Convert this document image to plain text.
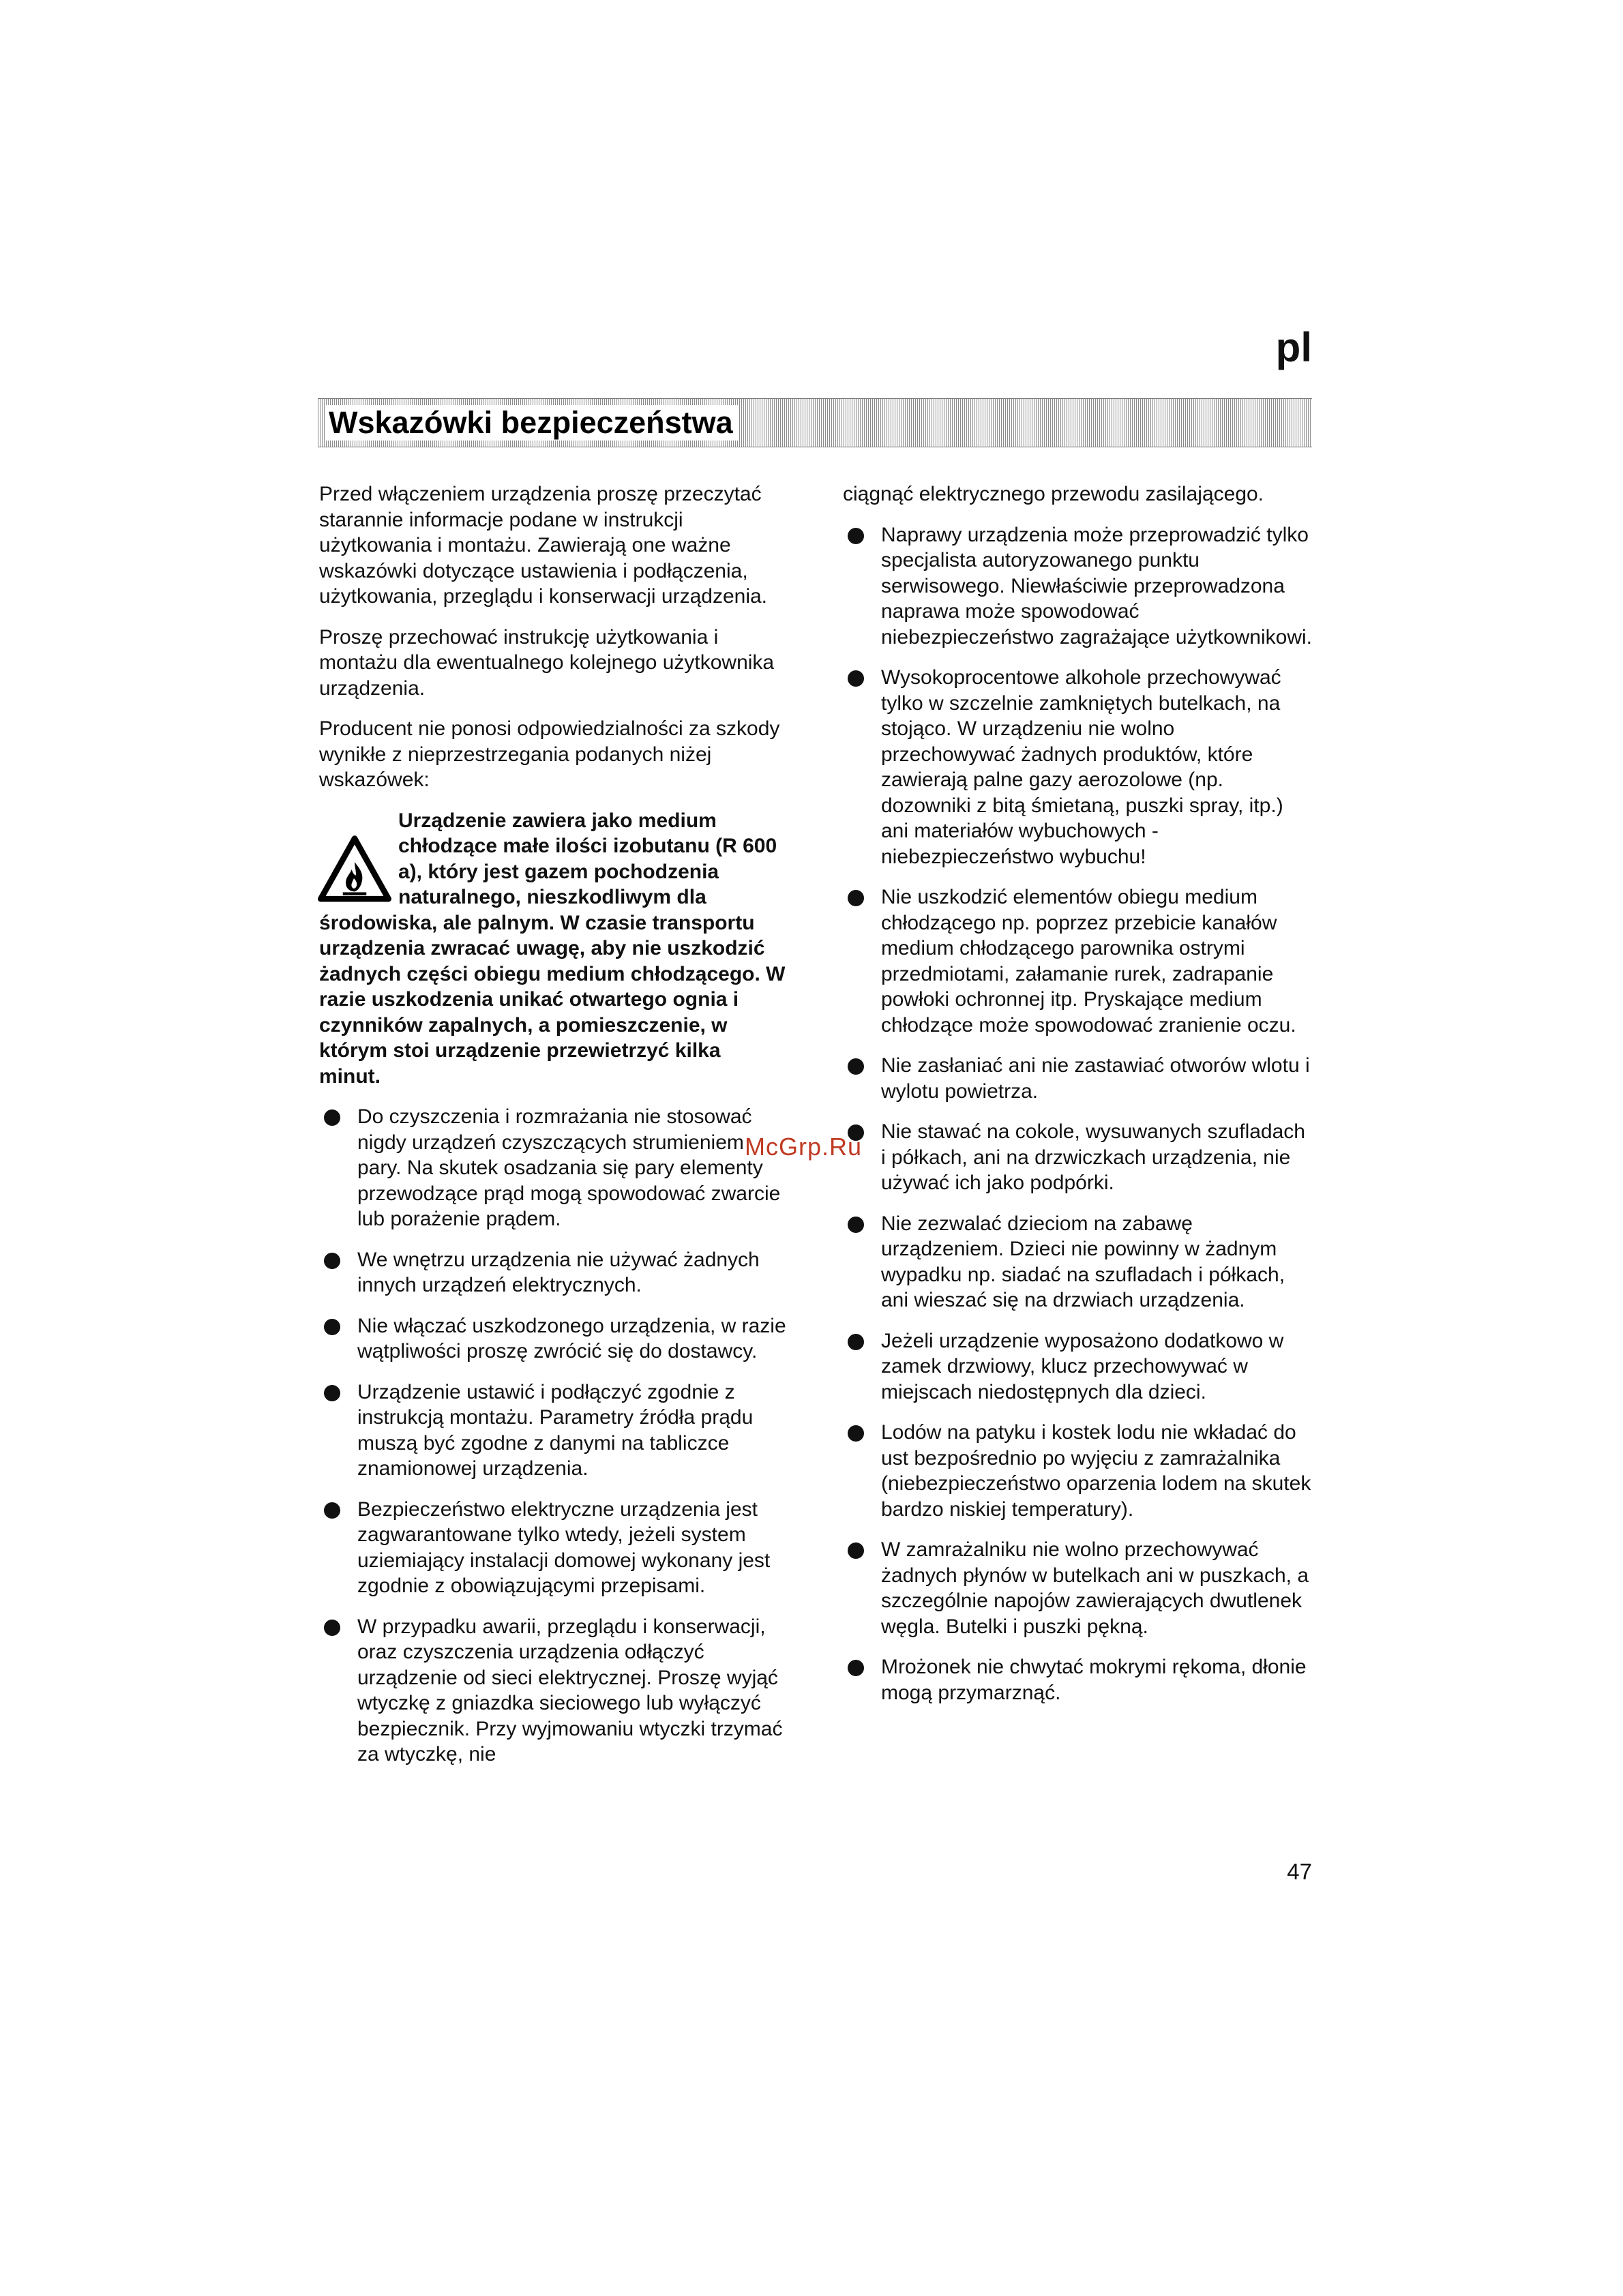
pl
Wskazówki bezpieczeństwa

Przed włączeniem urządzenia proszę przeczytać starannie informacje podane w instrukcji użytkowania i montażu. Zawierają one ważne wskazówki dotyczące ustawienia i podłączenia, użytkowania, przeglądu i konserwacji urządzenia.

Proszę przechować instrukcję użytkowania i montażu dla ewentualnego kolejnego użytkownika urządzenia.

Producent nie ponosi odpowiedzialności za szkody wynikłe z nieprzestrzegania podanych niżej wskazówek:

Urządzenie zawiera jako medium chłodzące małe ilości izobutanu (R 600 a), który jest gazem pochodzenia naturalnego, nieszkodliwym dla środowiska, ale palnym. W czasie transportu urządzenia zwracać uwagę, aby nie uszkodzić żadnych części obiegu medium chłodzącego. W razie uszkodzenia unikać otwartego ognia i czynników zapalnych, a pomieszczenie, w którym stoi urządzenie przewietrzyć kilka minut.
Do czyszczenia i rozmrażania nie stosować nigdy urządzeń czyszczących strumieniem pary. Na skutek osadzania się pary elementy przewodzące prąd mogą spowodować zwarcie lub porażenie prądem.
We wnętrzu urządzenia nie używać żadnych innych urządzeń elektrycznych.
Nie włączać uszkodzonego urządzenia, w razie wątpliwości proszę zwrócić się do dostawcy.
Urządzenie ustawić i podłączyć zgodnie z instrukcją montażu. Parametry źródła prądu muszą być zgodne z danymi na tabliczce znamionowej urządzenia.
Bezpieczeństwo elektryczne urządzenia jest zagwarantowane tylko wtedy, jeżeli system uziemiający instalacji domowej wykonany jest zgodnie z obowiązującymi przepisami.
W przypadku awarii, przeglądu i konserwacji, oraz czyszczenia urządzenia odłączyć urządzenie od sieci elektrycznej. Proszę wyjąć wtyczkę z gniazdka sieciowego lub wyłączyć bezpiecznik. Przy wyjmowaniu wtyczki trzymać za wtyczkę, nie

ciągnąć elektrycznego przewodu zasilającego.

Naprawy urządzenia może przeprowadzić tylko specjalista autoryzowanego punktu serwisowego. Niewłaściwie przeprowadzona naprawa może spowodować niebezpieczeństwo zagrażające użytkownikowi.
Wysokoprocentowe alkohole przechowywać tylko w szczelnie zamkniętych butelkach, na stojąco. W urządzeniu nie wolno przechowywać żadnych produktów, które zawierają palne gazy aerozolowe (np. dozowniki z bitą śmietaną, puszki spray, itp.) ani materiałów wybuchowych - niebezpieczeństwo wybuchu!
Nie uszkodzić elementów obiegu medium chłodzącego np. poprzez przebicie kanałów medium chłodzącego parownika ostrymi przedmiotami, załamanie rurek, zadrapanie powłoki ochronnej itp. Pryskające medium chłodzące może spowodować zranienie oczu.
Nie zasłaniać ani nie zastawiać otworów wlotu i wylotu powietrza.
Nie stawać na cokole, wysuwanych szufladach i półkach, ani na drzwiczkach urządzenia, nie używać ich jako podpórki.
Nie zezwalać dzieciom na zabawę urządzeniem. Dzieci nie powinny w żadnym wypadku np. siadać na szufladach i półkach, ani wieszać się na drzwiach urządzenia.
Jeżeli urządzenie wyposażono dodatkowo w zamek drzwiowy, klucz przechowywać w miejscach niedostępnych dla dzieci.
Lodów na patyku i kostek lodu nie wkładać do ust bezpośrednio po wyjęciu z zamrażalnika (niebezpieczeństwo oparzenia lodem na skutek bardzo niskiej temperatury).
W zamrażalniku nie wolno przechowywać żadnych płynów w butelkach ani w puszkach, a szczególnie napojów zawierających dwutlenek węgla. Butelki i puszki pękną.
Mrożonek nie chwytać mokrymi rękoma, dłonie mogą przymarznąć.
McGrp.Ru
47
